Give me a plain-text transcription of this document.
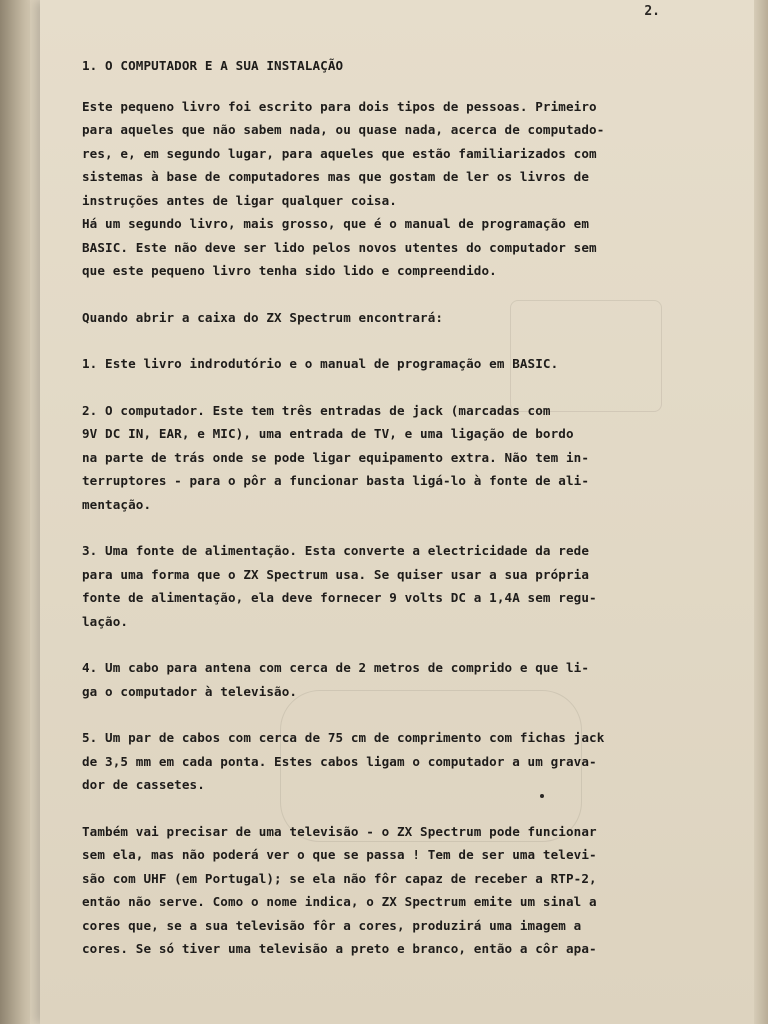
2.
1. O COMPUTADOR E A SUA INSTALAÇÃO
Este pequeno livro foi escrito para dois tipos de pessoas. Primeiro
para aqueles que não sabem nada, ou quase nada, acerca de computado-
res, e, em segundo lugar, para aqueles que estão familiarizados com
sistemas à base de computadores mas que gostam de ler os livros de
instruções antes de ligar qualquer coisa.
Há um segundo livro, mais grosso, que é o manual de programação em
BASIC. Este não deve ser lido pelos novos utentes do computador sem
que este pequeno livro tenha sido lido e compreendido.
Quando abrir a caixa do ZX Spectrum encontrará:
1. Este livro indrodutório e o manual de programação em BASIC.
2. O computador. Este tem três entradas de jack (marcadas com
9V DC IN, EAR, e MIC), uma entrada de TV, e uma ligação de bordo
na parte de trás onde se pode ligar equipamento extra. Não tem in-
terruptores - para o pôr a funcionar basta ligá-lo à fonte de ali-
mentação.
3. Uma fonte de alimentação. Esta converte a electricidade da rede
para uma forma que o ZX Spectrum usa. Se quiser usar a sua própria
fonte de alimentação, ela deve fornecer 9 volts DC a 1,4A sem regu-
lação.
4. Um cabo para antena com cerca de 2 metros de comprido e que li-
ga o computador à televisão.
5. Um par de cabos com cerca de 75 cm de comprimento com fichas jack
de 3,5 mm em cada ponta. Estes cabos ligam o computador a um grava-
dor de cassetes.
Também vai precisar de uma televisão - o ZX Spectrum pode funcionar
sem ela, mas não poderá ver o que se passa ! Tem de ser uma televi-
são com UHF (em Portugal); se ela não fôr capaz de receber a RTP-2,
então não serve. Como o nome indica, o ZX Spectrum emite um sinal a
cores que, se a sua televisão fôr a cores, produzirá uma imagem a
cores. Se só tiver uma televisão a preto e branco, então a côr apa-
